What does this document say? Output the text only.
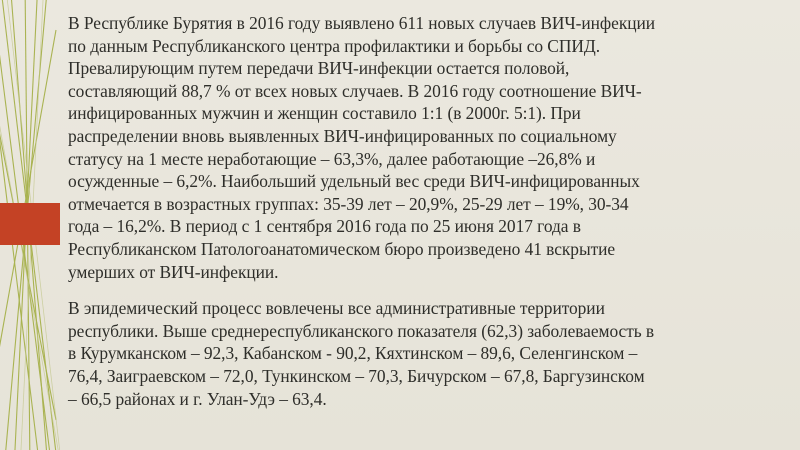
В Республике Бурятия в 2016 году выявлено 611 новых случаев ВИЧ-инфекции
по данным Республиканского центра профилактики и борьбы со СПИД.
Превалирующим путем передачи ВИЧ-инфекции остается половой,
составляющий 88,7 % от всех новых случаев. В 2016 году соотношение ВИЧ-
инфицированных мужчин и женщин составило 1:1 (в 2000г. 5:1). При
распределении вновь выявленных ВИЧ-инфицированных по социальному
статусу на 1 месте неработающие – 63,3%, далее работающие –26,8% и
осужденные – 6,2%. Наибольший удельный вес среди ВИЧ-инфицированных
отмечается в возрастных группах: 35-39 лет – 20,9%, 25-29 лет – 19%, 30-34
года – 16,2%. В период с 1 сентября 2016 года по 25 июня 2017 года в
Республиканском Патологоанатомическом бюро произведено 41 вскрытие
умерших от ВИЧ-инфекции.

В эпидемический процесс вовлечены все административные территории
республики. Выше среднереспубликанского показателя (62,3) заболеваемость в
в Курумканском – 92,3, Кабанском - 90,2, Кяхтинском – 89,6, Селенгинском –
76,4, Заиграевском – 72,0, Тункинском – 70,3, Бичурском – 67,8, Баргузинском
– 66,5 районах и г. Улан-Удэ – 63,4.
